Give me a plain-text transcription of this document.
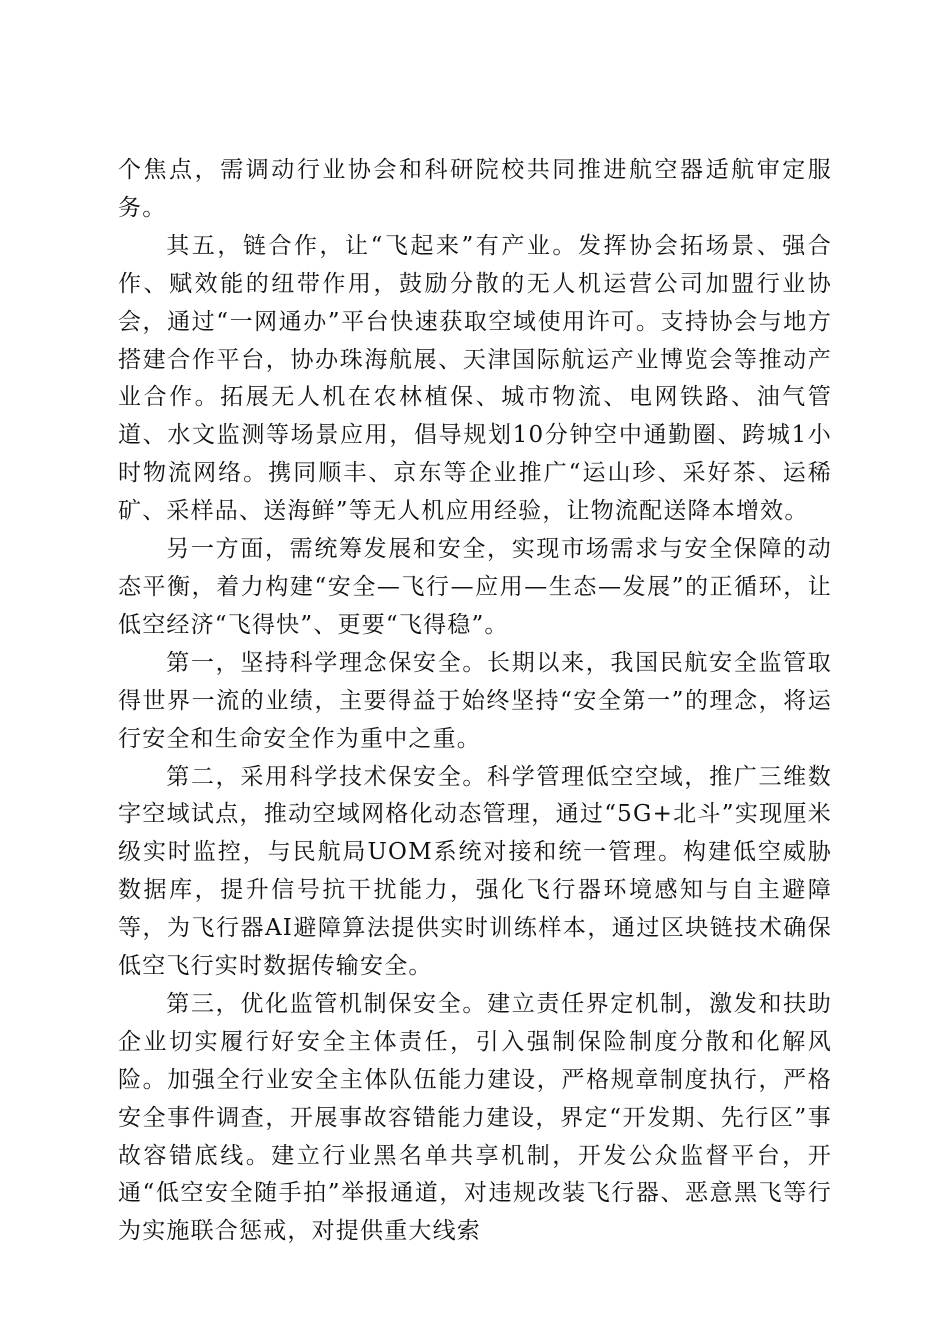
个焦点，需调动行业协会和科研院校共同推进航空器适航审定服务。

其五，链合作，让“飞起来”有产业。发挥协会拓场景、强合作、赋效能的纽带作用，鼓励分散的无人机运营公司加盟行业协会，通过“一网通办”平台快速获取空域使用许可。支持协会与地方搭建合作平台，协办珠海航展、天津国际航运产业博览会等推动产业合作。拓展无人机在农林植保、城市物流、电网铁路、油气管道、水文监测等场景应用，倡导规划10分钟空中通勤圈、跨城1小时物流网络。携同顺丰、京东等企业推广“运山珍、采好茶、运稀矿、采样品、送海鲜”等无人机应用经验，让物流配送降本增效。

另一方面，需统筹发展和安全，实现市场需求与安全保障的动态平衡，着力构建“安全—飞行—应用—生态—发展”的正循环，让低空经济“飞得快”、更要“飞得稳”。

第一，坚持科学理念保安全。长期以来，我国民航安全监管取得世界一流的业绩，主要得益于始终坚持“安全第一”的理念，将运行安全和生命安全作为重中之重。

第二，采用科学技术保安全。科学管理低空空域，推广三维数字空域试点，推动空域网格化动态管理，通过“5G+北斗”实现厘米级实时监控，与民航局UOM系统对接和统一管理。构建低空威胁数据库，提升信号抗干扰能力，强化飞行器环境感知与自主避障等，为飞行器AI避障算法提供实时训练样本，通过区块链技术确保低空飞行实时数据传输安全。

第三，优化监管机制保安全。建立责任界定机制，激发和扶助企业切实履行好安全主体责任，引入强制保险制度分散和化解风险。加强全行业安全主体队伍能力建设，严格规章制度执行，严格安全事件调查，开展事故容错能力建设，界定“开发期、先行区”事故容错底线。建立行业黑名单共享机制，开发公众监督平台，开通“低空安全随手拍”举报通道，对违规改装飞行器、恶意黑飞等行为实施联合惩戒，对提供重大线索
